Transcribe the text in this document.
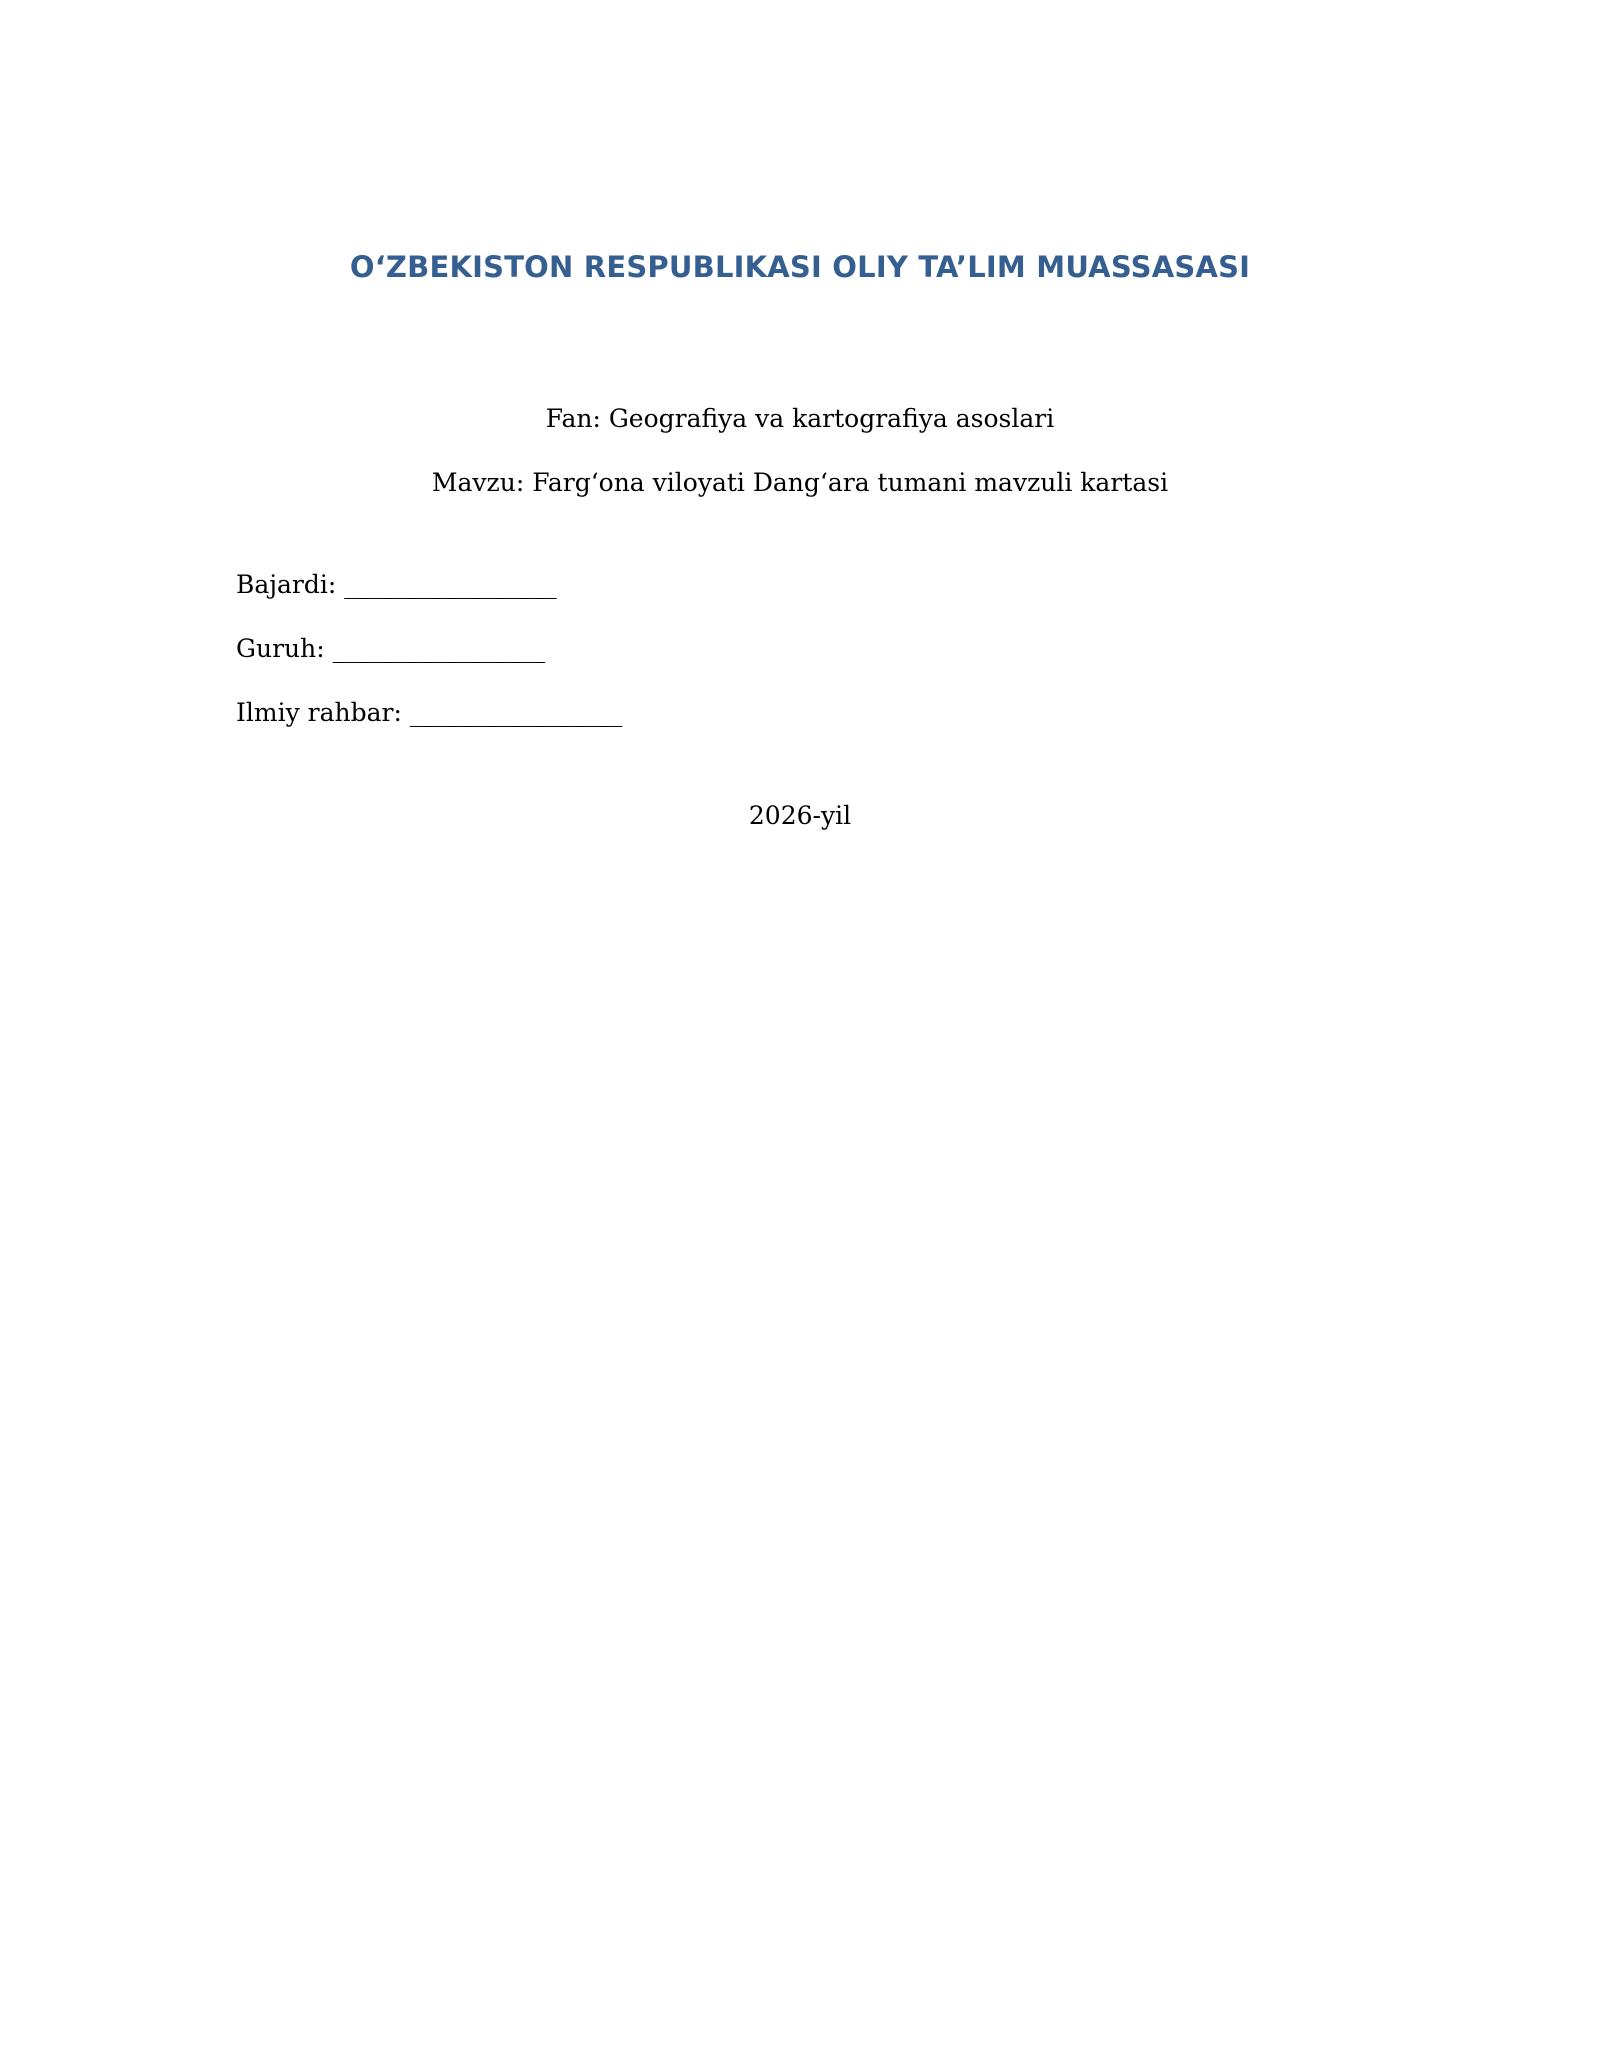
O‘ZBEKISTON RESPUBLIKASI OLIY TA’LIM MUASSASASI
Fan: Geografiya va kartografiya asoslari
Mavzu: Farg‘ona viloyati Dang‘ara tumani mavzuli kartasi
Bajardi: _________________
Guruh: _________________
Ilmiy rahbar: _________________
2026-yil
